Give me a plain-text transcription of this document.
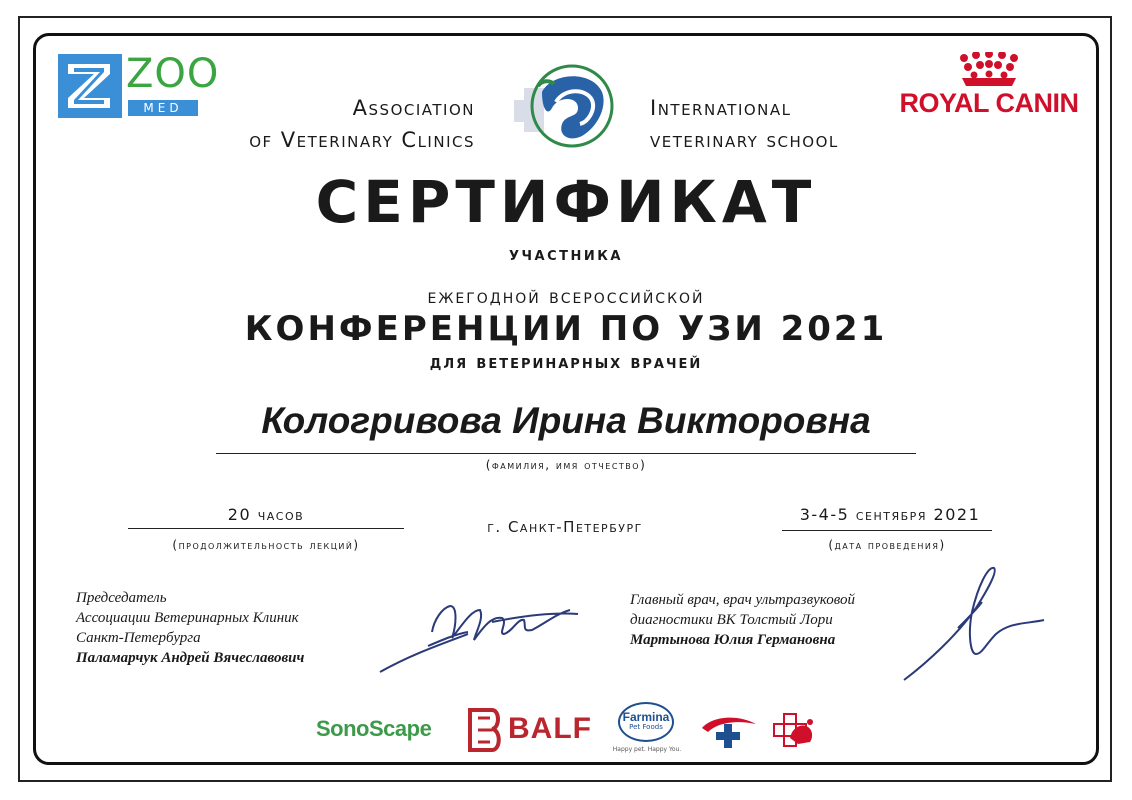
ZOO
MED	Association
of Veterinary Clinics
International
veterinary school
ROYAL CANIN
СЕРТИФИКАТ
участника
ежегодной всероссийской
КОНФЕРЕНЦИИ ПО УЗИ 2021
для ветеринарных врачей
Кологривова Ирина Викторовна
(фамилия, имя отчество)
20 часов
(продолжительность лекций)
г. Санкт-Петербург
3-4-5 сентября 2021
(дата проведения)
Председатель
Ассоциации Ветеринарных Клиник
Санкт-Петербурга
Паламарчук Андрей Вячеславович
Главный врач, врач ультразвуковой
диагностики ВК Толстый Лори
Мартынова Юлия Германовна
SonoScape	BALF	Farmina
Pet Foods
Happy pet. Happy You.
